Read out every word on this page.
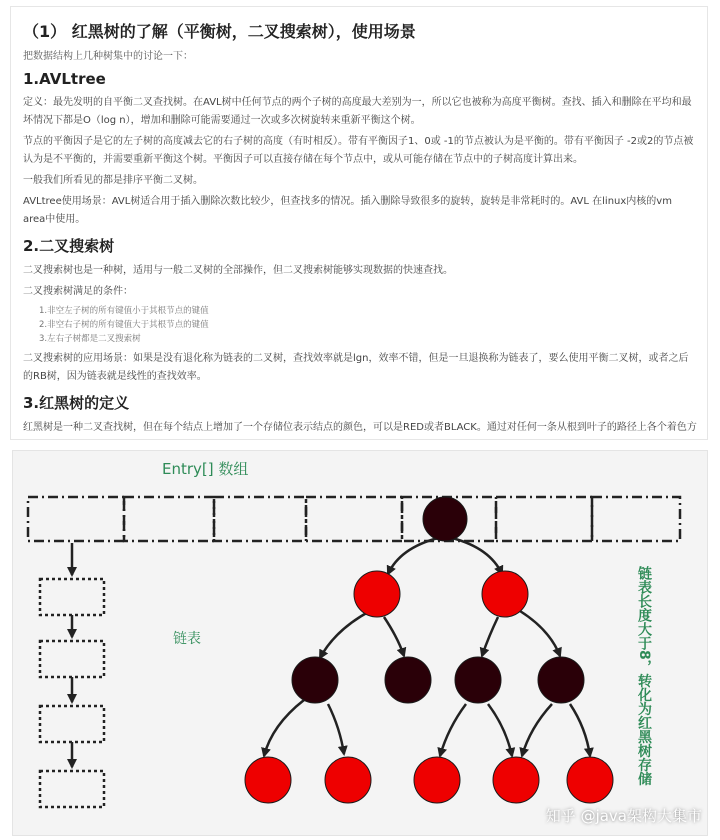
（1） 红黑树的了解（平衡树，二叉搜索树），使用场景
把数据结构上几种树集中的讨论一下：
1.AVLtree

定义：最先发明的自平衡二叉查找树。在AVL树中任何节点的两个子树的高度最大差别为一，所以它也被称为高度平衡树。查找、插入和删除在平均和最坏情况下都是O（log n），增加和删除可能需要通过一次或多次树旋转来重新平衡这个树。

节点的平衡因子是它的左子树的高度减去它的右子树的高度（有时相反）。带有平衡因子1、0或 -1的节点被认为是平衡的。带有平衡因子 -2或2的节点被认为是不平衡的，并需要重新平衡这个树。平衡因子可以直接存储在每个节点中，或从可能存储在节点中的子树高度计算出来。

一般我们所看见的都是排序平衡二叉树。

AVLtree使用场景：AVL树适合用于插入删除次数比较少，但查找多的情况。插入删除导致很多的旋转，旋转是非常耗时的。AVL 在linux内核的vm area中使用。

2.二叉搜索树

二叉搜索树也是一种树，适用与一般二叉树的全部操作，但二叉搜索树能够实现数据的快速查找。

二叉搜索树满足的条件：

1.非空左子树的所有键值小于其根节点的键值
2.非空右子树的所有键值大于其根节点的键值
3.左右子树都是二叉搜索树

二叉搜索树的应用场景：如果是没有退化称为链表的二叉树，查找效率就是lgn，效率不错，但是一旦退换称为链表了，要么使用平衡二叉树，或者之后的RB树，因为链表就是线性的查找效率。

3.红黑树的定义

红黑树是一种二叉查找树，但在每个结点上增加了一个存储位表示结点的颜色，可以是RED或者BLACK。通过对任何一条从根到叶子的路径上各个着色方

Entry[] 数组
链表	链表长度大于8，转化为红黑树存储
知乎 @java架构大集市
